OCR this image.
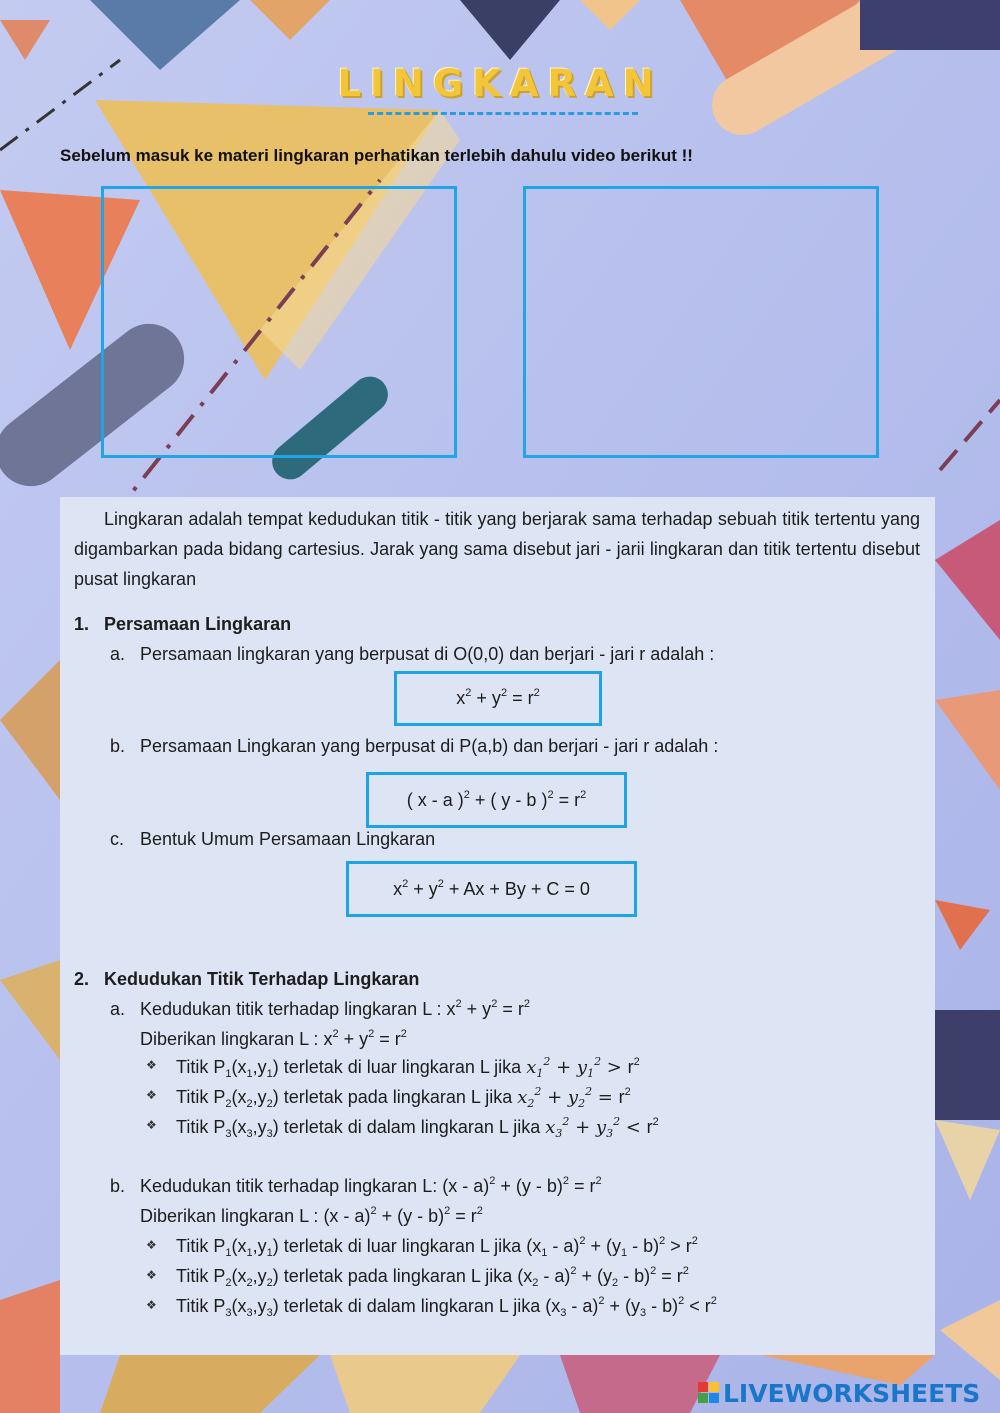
LINGKARAN
Sebelum masuk ke materi lingkaran perhatikan terlebih dahulu video berikut !!
Lingkaran adalah tempat kedudukan titik - titik yang berjarak sama terhadap sebuah titik tertentu yang digambarkan pada bidang cartesius. Jarak yang sama disebut jari - jarii lingkaran dan titik tertentu disebut pusat lingkaran
1. Persamaan Lingkaran
a. Persamaan lingkaran yang berpusat di O(0,0) dan berjari - jari r adalah :
$x^2 + y^2 = r^2$
b. Persamaan Lingkaran yang berpusat di P(a,b) dan berjari - jari r adalah :
( x - a )$^2$ + ( y - b )$^2 = r^2$
c. Bentuk Umum Persamaan Lingkaran
$x^2 + y^2 + Ax + By + C = 0$
2. Kedudukan Titik Terhadap Lingkaran
a. Kedudukan titik terhadap lingkaran L : $x^2 + y^2 = r^2$
Diberikan lingkaran L : $x^2 + y^2 = r^2$
❖ Titik $P_1(x_1,y_1)$ terletak di luar lingkaran L jika $x_1^2 + y_1^2 > r^2$
❖ Titik $P_2(x_2,y_2)$ terletak pada lingkaran L jika $x_2^2 + y_2^2 = r^2$
❖ Titik $P_3(x_3,y_3)$ terletak di dalam lingkaran L jika $x_3^2 + y_3^2 < r^2$
b. Kedudukan titik terhadap lingkaran L: $(x - a)^2 + (y - b)^2 = r^2$
Diberikan lingkaran L : $(x - a)^2 + (y - b)^2 = r^2$
❖ Titik $P_1(x_1,y_1)$ terletak di luar lingkaran L jika $(x_1 - a)^2 + (y_1 - b)^2 > r^2$
❖ Titik $P_2(x_2,y_2)$ terletak pada lingkaran L jika $(x_2 - a)^2 + (y_2 - b)^2 = r^2$
❖ Titik $P_3(x_3,y_3)$ terletak di dalam lingkaran L jika $(x_3 - a)^2 + (y_3 - b)^2 < r^2$
LIVEWORKSHEETS
